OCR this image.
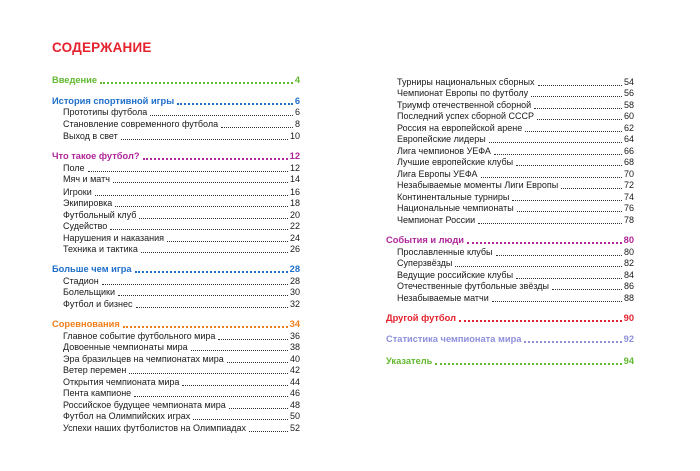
СОДЕРЖАНИЕ
Введение	4
История спортивной игры	6
Прототипы футбола	6
Становление современного футбола	8
Выход в свет	10
Что такое футбол?	12
Поле	12
Мяч и матч	14
Игроки	16
Экипировка	18
Футбольный клуб	20
Судейство	22
Нарушения и наказания	24
Техника и тактика	26
Больше чем игра	28
Стадион	28
Болельщики	30
Футбол и бизнес	32
Соревнования	34
Главное событие футбольного мира	36
Довоенные чемпионаты мира	38
Эра бразильцев на чемпионатах мира	40
Ветер перемен	42
Открытия чемпионата мира	44
Пента кампионе	46
Российское будущее чемпионата мира	48
Футбол на Олимпийских играх	50
Успехи наших футболистов на Олимпиадах	52
Турниры национальных сборных	54
Чемпионат Европы по футболу	56
Триумф отечественной сборной	58
Последний успех сборной СССР	60
Россия на европейской арене	62
Европейские лидеры	64
Лига чемпионов УЕФА	66
Лучшие европейские клубы	68
Лига Европы УЕФА	70
Незабываемые моменты Лиги Европы	72
Континентальные турниры	74
Национальные чемпионаты	76
Чемпионат России	78
События и люди	80
Прославленные клубы	80
Суперзвёзды	82
Ведущие российские клубы	84
Отечественные футбольные звёзды	86
Незабываемые матчи	88
Другой футбол	90
Статистика чемпионата мира	92
Указатель	94
